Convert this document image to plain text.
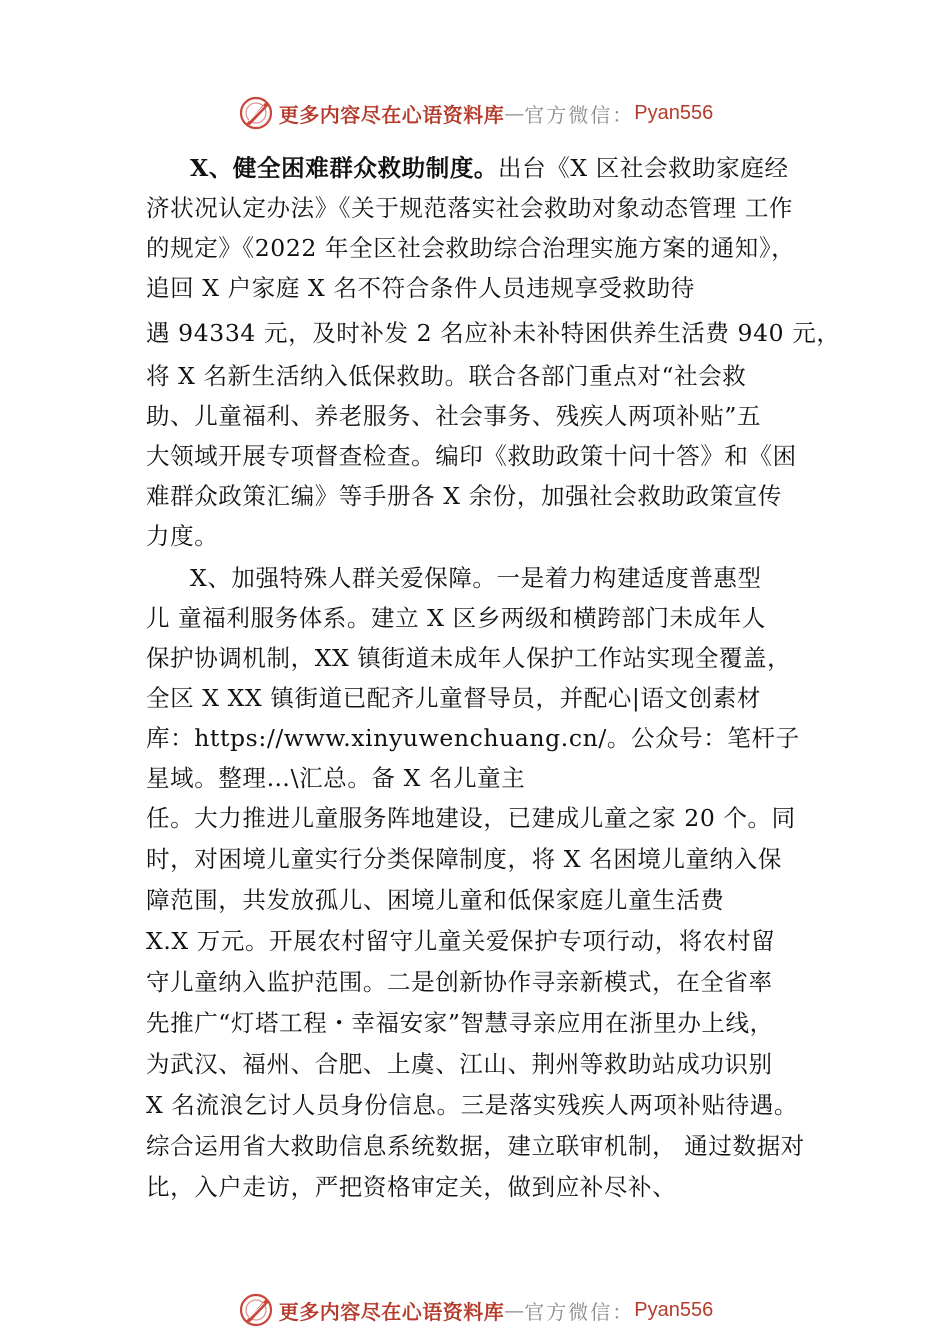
更多内容尽在心语资料库 — 官方微信： Pyan556
X、健全困难群众救助制度。出台《X 区社会救助家庭经
济状况认定办法》《关于规范落实社会救助对象动态管理 工作
的规定》《2022 年全区社会救助综合治理实施方案的通知》，
追回 X 户家庭 X 名不符合条件人员违规享受救助待
遇 94334 元，及时补发 2 名应补未补特困供养生活费 940 元，
将 X 名新生活纳入低保救助。联合各部门重点对“社会救
助、儿童福利、养老服务、社会事务、残疾人两项补贴”五
大领域开展专项督查检查。编印《救助政策十问十答》和《困
难群众政策汇编》等手册各 X 余份，加强社会救助政策宣传
力度。
X、加强特殊人群关爱保障。一是着力构建适度普惠型
儿 童福利服务体系。建立 X 区乡两级和横跨部门未成年人
保护协调机制，XX 镇街道未成年人保护工作站实现全覆盖，
全区 X XX 镇街道已配齐儿童督导员，并配心|语文创素材
库：https://www.xinyuwenchuang.cn/。公众号：笔杆子
星域。整理…\汇总。备 X 名儿童主
任。大力推进儿童服务阵地建设，已建成儿童之家 20 个。同
时，对困境儿童实行分类保障制度，将 X 名困境儿童纳入保
障范围，共发放孤儿、困境儿童和低保家庭儿童生活费
X.X 万元。开展农村留守儿童关爱保护专项行动，将农村留
守儿童纳入监护范围。二是创新协作寻亲新模式，在全省率
先推广“灯塔工程・幸福安家”智慧寻亲应用在浙里办上线，
为武汉、福州、合肥、上虞、江山、荆州等救助站成功识别
X 名流浪乞讨人员身份信息。三是落实残疾人两项补贴待遇。
综合运用省大救助信息系统数据，建立联审机制， 通过数据对
比，入户走访，严把资格审定关，做到应补尽补、
更多内容尽在心语资料库 — 官方微信： Pyan556
